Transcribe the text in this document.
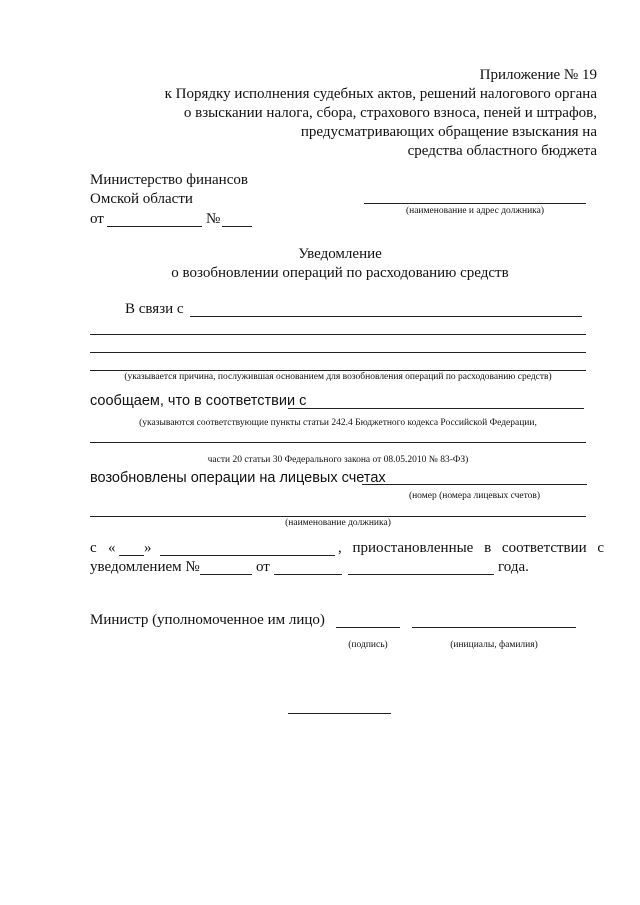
Приложение № 19
к Порядку исполнения судебных актов, решений налогового органа
о взыскании налога, сбора, страхового взноса, пеней и штрафов,
предусматривающих обращение взыскания на
средства областного бюджета
Министерство финансов
Омской области
от	№	(наименование и адрес должника)
Уведомление
о возобновлении операций по расходованию средств
В связи с
(указывается причина, послужившая основанием для возобновления операций по расходованию средств)
сообщаем, что в соответствии с
(указываются соответствующие пункты статьи 242.4 Бюджетного кодекса Российской Федерации,
части 20 статьи 30 Федерального закона от 08.05.2010 № 83-ФЗ)
возобновлены операции на лицевых счетах
(номер (номера лицевых счетов)
(наименование должника)
с « »	, приостановленные в соответствии с
уведомлением №	от	года.
Министр (уполномоченное им лицо)
(подпись)	(инициалы, фамилия)
